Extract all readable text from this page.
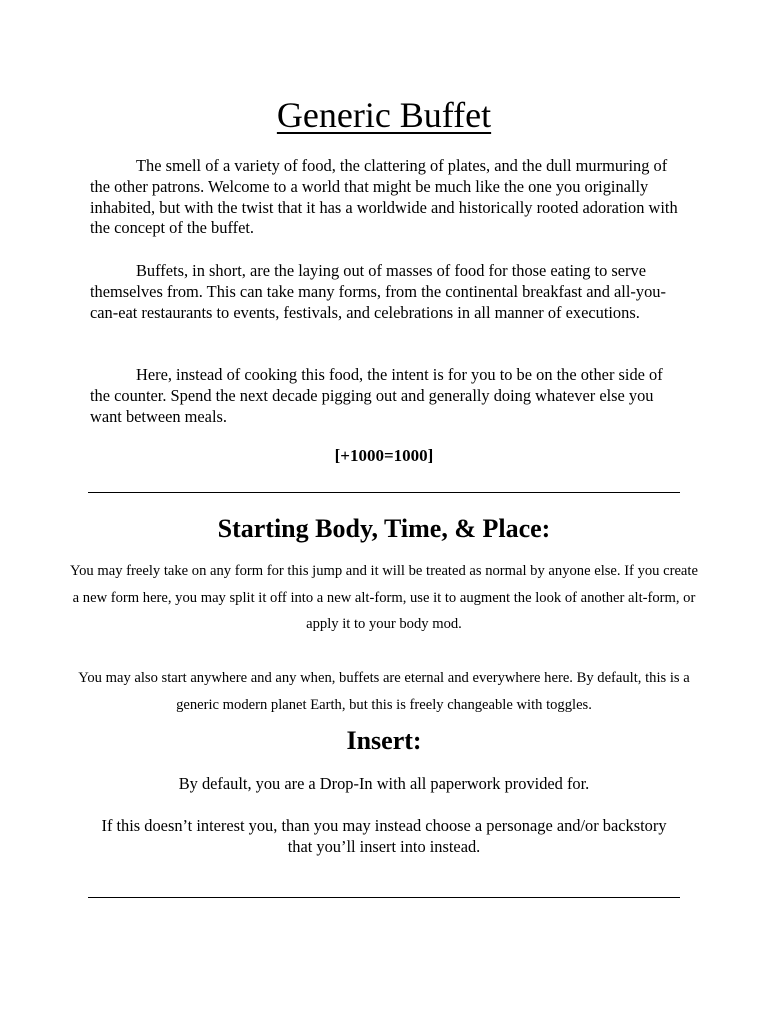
Generic Buffet

The smell of a variety of food, the clattering of plates, and the dull murmuring of the other patrons. Welcome to a world that might be much like the one you originally inhabited, but with the twist that it has a worldwide and historically rooted adoration with the concept of the buffet.

Buffets, in short, are the laying out of masses of food for those eating to serve themselves from. This can take many forms, from the continental breakfast and all-you-can-eat restaurants to events, festivals, and celebrations in all manner of executions.

Here, instead of cooking this food, the intent is for you to be on the other side of the counter. Spend the next decade pigging out and generally doing whatever else you want between meals.

[+1000=1000]

Starting Body, Time, & Place:

You may freely take on any form for this jump and it will be treated as normal by anyone else. If you create a new form here, you may split it off into a new alt-form, use it to augment the look of another alt-form, or apply it to your body mod.

You may also start anywhere and any when, buffets are eternal and everywhere here. By default, this is a generic modern planet Earth, but this is freely changeable with toggles.

Insert:

By default, you are a Drop-In with all paperwork provided for.

If this doesn’t interest you, than you may instead choose a personage and/or backstory that you’ll insert into instead.
